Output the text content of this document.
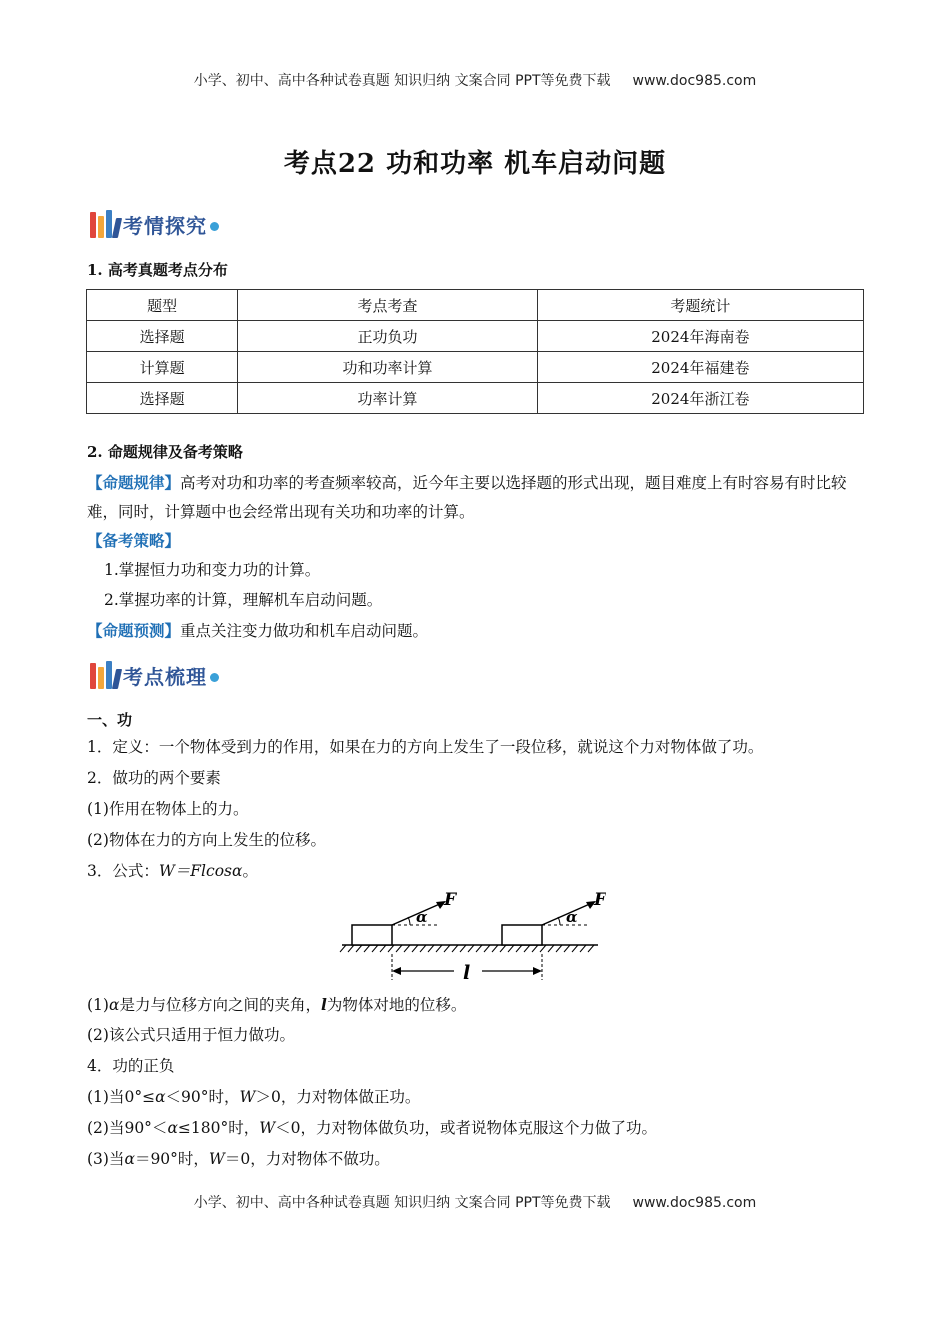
小学、初中、高中各种试卷真题 知识归纳 文案合同 PPT等免费下载 www.doc985.com
考点22 功和功率 机车启动问题
考情探究
1. 高考真题考点分布
题型	考点考查	考题统计
选择题	正功负功	2024年海南卷
计算题	功和功率计算	2024年福建卷
选择题	功率计算	2024年浙江卷
2. 命题规律及备考策略
【命题规律】高考对功和功率的考查频率较高，近今年主要以选择题的形式出现，题目难度上有时容易有时比较难，同时，计算题中也会经常出现有关功和功率的计算。
【备考策略】
1.掌握恒力功和变力功的计算。
2.掌握功率的计算，理解机车启动问题。
【命题预测】重点关注变力做功和机车启动问题。
考点梳理
一、功
1．定义：一个物体受到力的作用，如果在力的方向上发生了一段位移，就说这个力对物体做了功。
2．做功的两个要素
(1)作用在物体上的力。
(2)物体在力的方向上发生的位移。
3．公式：W＝Flcosα。
F
α
F
α
l
(1)α是力与位移方向之间的夹角，l为物体对地的位移。
(2)该公式只适用于恒力做功。
4．功的正负
(1)当0°≤α＜90°时，W＞0，力对物体做正功。
(2)当90°＜α≤180°时，W＜0，力对物体做负功，或者说物体克服这个力做了功。
(3)当α＝90°时，W＝0，力对物体不做功。
小学、初中、高中各种试卷真题 知识归纳 文案合同 PPT等免费下载 www.doc985.com
